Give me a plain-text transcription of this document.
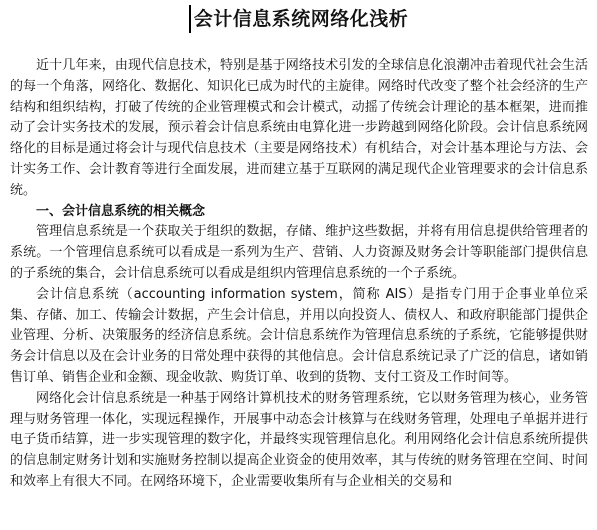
会计信息系统网络化浅析

近十几年来，由现代信息技术，特别是基于网络技术引发的全球信息化浪潮冲击着现代社会生活的每一个角落，网络化、数据化、知识化已成为时代的主旋律。网络时代改变了整个社会经济的生产结构和组织结构，打破了传统的企业管理模式和会计模式，动摇了传统会计理论的基本框架，进而推动了会计实务技术的发展，预示着会计信息系统由电算化进一步跨越到网络化阶段。会计信息系统网络化的目标是通过将会计与现代信息技术（主要是网络技术）有机结合，对会计基本理论与方法、会计实务工作、会计教育等进行全面发展，进而建立基于互联网的满足现代企业管理要求的会计信息系统。

一、会计信息系统的相关概念

管理信息系统是一个获取关于组织的数据，存储、维护这些数据，并将有用信息提供给管理者的系统。一个管理信息系统可以看成是一系列为生产、营销、人力资源及财务会计等职能部门提供信息的子系统的集合，会计信息系统可以看成是组织内管理信息系统的一个子系统。

会计信息系统（accounting information system，简称 AIS）是指专门用于企事业单位采集、存储、加工、传输会计数据，产生会计信息，并用以向投资人、债权人、和政府职能部门提供企业管理、分析、决策服务的经济信息系统。会计信息系统作为管理信息系统的子系统，它能够提供财务会计信息以及在会计业务的日常处理中获得的其他信息。会计信息系统记录了广泛的信息，诸如销售订单、销售企业和金额、现金收款、购货订单、收到的货物、支付工资及工作时间等。

网络化会计信息系统是一种基于网络计算机技术的财务管理系统，它以财务管理为核心，业务管理与财务管理一体化，实现远程操作，开展事中动态会计核算与在线财务管理，处理电子单据并进行电子货币结算，进一步实现管理的数字化，并最终实现管理信息化。利用网络化会计信息系统所提供的信息制定财务计划和实施财务控制以提高企业资金的使用效率，其与传统的财务管理在空间、时间和效率上有很大不同。在网络环境下，企业需要收集所有与企业相关的交易和
